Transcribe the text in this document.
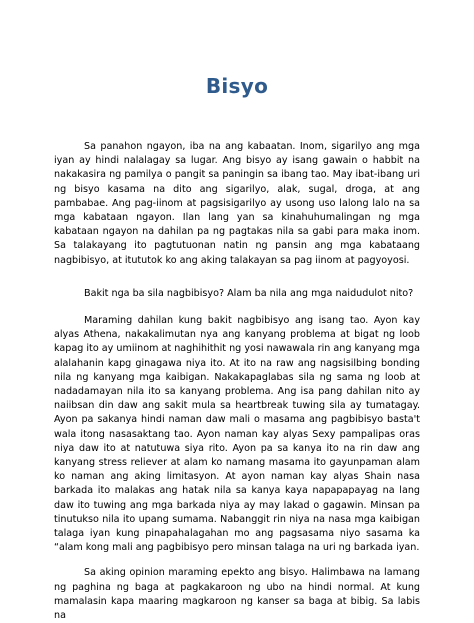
Bisyo

Sa panahon ngayon, iba na ang kabaatan. Inom, sigarilyo ang mga iyan ay hindi nalalagay sa lugar. Ang bisyo ay isang gawain o habbit na nakakasira ng pamilya o pangit sa paningin sa ibang tao. May ibat-ibang uri ng bisyo kasama na dito ang sigarilyo, alak, sugal, droga, at ang pambabae. Ang pag-iinom at pagsisigarilyo ay usong uso lalong lalo na sa mga kabataan ngayon. Ilan lang yan sa kinahuhumalingan ng mga kabataan ngayon na dahilan pa ng pagtakas nila sa gabi para maka inom. Sa talakayang ito pagtutuonan natin ng pansin ang mga kabataang nagbibisyo, at itututok ko ang aking talakayan sa pag iinom at pagyoyosi.

Bakit nga ba sila nagbibisyo? Alam ba nila ang mga naidudulot nito?

Maraming dahilan kung bakit nagbibisyo ang isang tao. Ayon kay alyas Athena, nakakalimutan nya ang kanyang problema at bigat ng loob kapag ito ay umiinom at naghihithit ng yosi nawawala rin ang kanyang mga alalahanin kapg ginagawa niya ito. At ito na raw ang nagsisilbing bonding nila ng kanyang mga kaibigan. Nakakapaglabas sila ng sama ng loob at nadadamayan nila ito sa kanyang problema. Ang isa pang dahilan nito ay naiibsan din daw ang sakit mula sa heartbreak tuwing sila ay tumatagay. Ayon pa sakanya hindi naman daw mali o masama ang pagbibisyo basta't wala itong nasasaktang tao. Ayon naman kay alyas Sexy pampalipas oras niya daw ito at natutuwa siya rito. Ayon pa sa kanya ito na rin daw ang kanyang stress reliever at alam ko namang masama ito gayunpaman alam ko naman ang aking limitasyon. At ayon naman kay alyas Shain nasa barkada ito malakas ang hatak nila sa kanya kaya napapapayag na lang daw ito tuwing ang mga barkada niya ay may lakad o gagawin. Minsan pa tinutukso nila ito upang sumama. Nabanggit rin niya na nasa mga kaibigan talaga iyan kung pinapahalagahan mo ang pagsasama niyo sasama ka “alam kong mali ang pagbibisyo pero minsan talaga na uri ng barkada iyan.

Sa aking opinion maraming epekto ang bisyo. Halimbawa na lamang ng paghina ng baga at pagkakaroon ng ubo na hindi normal. At kung mamalasin kapa maaring magkaroon ng kanser sa baga at bibig. Sa labis na
